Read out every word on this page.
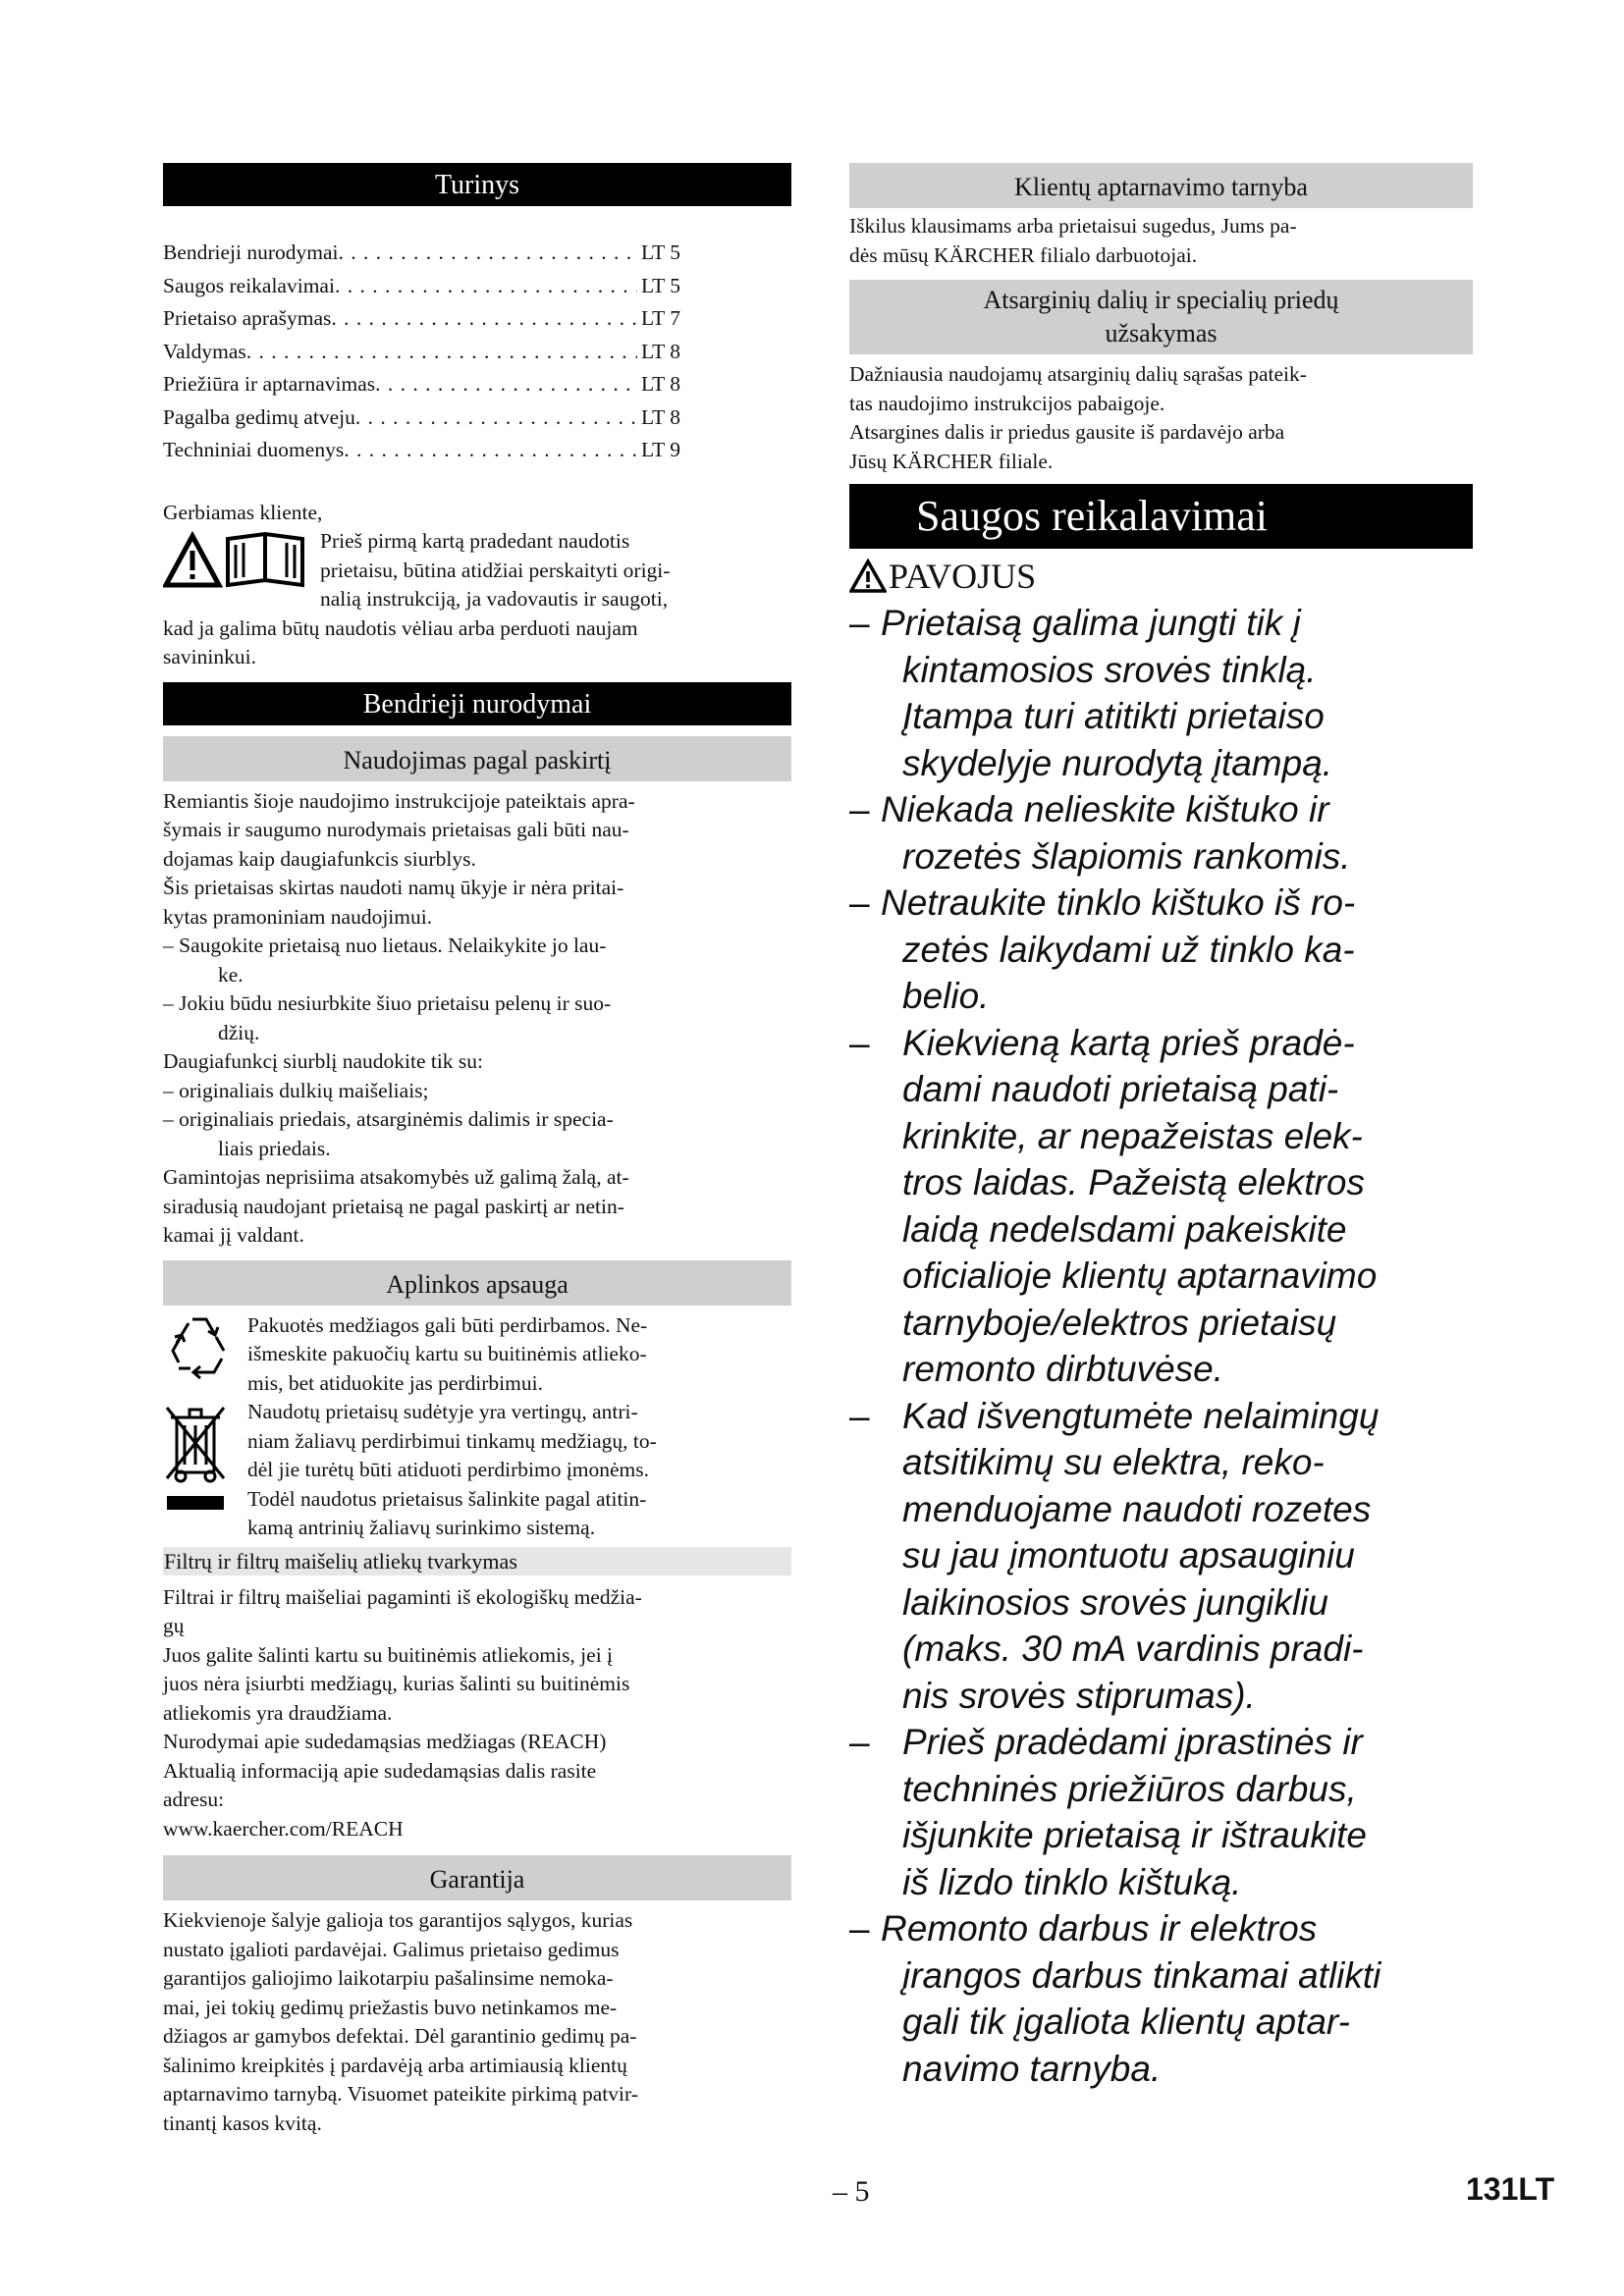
Turinys
Bendrieji nurodymai . . .	LT 5
Saugos reikalavimai . . .	LT 5
Prietaiso aprašymas . . .	LT 7
Valdymas . . .	LT 8
Priežiūra ir aptarnavimas . . .	LT 8
Pagalba gedimų atveju . . .	LT 8
Techniniai duomenys . . .	LT 9
Gerbiamas kliente,
Prieš pirmą kartą pradedant naudotis
prietaisu, būtina atidžiai perskaityti origi-
nalią instrukciją, ja vadovautis ir saugoti,
kad ja galima būtų naudotis vėliau arba perduoti naujam
savininkui.
Bendrieji nurodymai
Naudojimas pagal paskirtį
Remiantis šioje naudojimo instrukcijoje pateiktais apra-
šymais ir saugumo nurodymais prietaisas gali būti nau-
dojamas kaip daugiafunkcis siurblys.
Šis prietaisas skirtas naudoti namų ūkyje ir nėra pritai-
kytas pramoniniam naudojimui.
– Saugokite prietaisą nuo lietaus. Nelaikykite jo lau-
ke.
– Jokiu būdu nesiurbkite šiuo prietaisu pelenų ir suo-
džių.
Daugiafunkcį siurblį naudokite tik su:
– originaliais dulkių maišeliais;
– originaliais priedais, atsarginėmis dalimis ir specia-
liais priedais.
Gamintojas neprisiima atsakomybės už galimą žalą, at-
siradusią naudojant prietaisą ne pagal paskirtį ar netin-
kamai jį valdant.
Aplinkos apsauga
Pakuotės medžiagos gali būti perdirbamos. Ne-
išmeskite pakuočių kartu su buitinėmis atlieko-
mis, bet atiduokite jas perdirbimui.
Naudotų prietaisų sudėtyje yra vertingų, antri-
niam žaliavų perdirbimui tinkamų medžiagų, to-
dėl jie turėtų būti atiduoti perdirbimo įmonėms.
Todėl naudotus prietaisus šalinkite pagal atitin-
kamą antrinių žaliavų surinkimo sistemą.
Filtrų ir filtrų maišelių atliekų tvarkymas
Filtrai ir filtrų maišeliai pagaminti iš ekologiškų medžia-
gų
Juos galite šalinti kartu su buitinėmis atliekomis, jei į
juos nėra įsiurbti medžiagų, kurias šalinti su buitinėmis
atliekomis yra draudžiama.
Nurodymai apie sudedamąsias medžiagas (REACH)
Aktualią informaciją apie sudedamąsias dalis rasite
adresu:
www.kaercher.com/REACH
Garantija
Kiekvienoje šalyje galioja tos garantijos sąlygos, kurias
nustato įgalioti pardavėjai. Galimus prietaiso gedimus
garantijos galiojimo laikotarpiu pašalinsime nemoka-
mai, jei tokių gedimų priežastis buvo netinkamos me-
džiagos ar gamybos defektai. Dėl garantinio gedimų pa-
šalinimo kreipkitės į pardavėją arba artimiausią klientų
aptarnavimo tarnybą. Visuomet pateikite pirkimą patvir-
tinantį kasos kvitą.
Klientų aptarnavimo tarnyba
Iškilus klausimams arba prietaisui sugedus, Jums pa-
dės mūsų KÄRCHER filialo darbuotojai.
Atsarginių dalių ir specialių priedų
užsakymas
Dažniausia naudojamų atsarginių dalių sąrašas pateik-
tas naudojimo instrukcijos pabaigoje.
Atsargines dalis ir priedus gausite iš pardavėjo arba
Jūsų KÄRCHER filiale.
Saugos reikalavimai
PAVOJUS
– Prietaisą galima jungti tik į
kintamosios srovės tinklą.
Įtampa turi atitikti prietaiso
skydelyje nurodytą įtampą.
– Niekada nelieskite kištuko ir
rozetės šlapiomis rankomis.
– Netraukite tinklo kištuko iš ro-
zetės laikydami už tinklo ka-
belio.
– Kiekvieną kartą prieš pradė-
dami naudoti prietaisą pati-
krinkite, ar nepažeistas elek-
tros laidas. Pažeistą elektros
laidą nedelsdami pakeiskite
oficialioje klientų aptarnavimo
tarnyboje/elektros prietaisų
remonto dirbtuvėse.
– Kad išvengtumėte nelaimingų
atsitikimų su elektra, reko-
menduojame naudoti rozetes
su jau įmontuotu apsauginiu
laikinosios srovės jungikliu
(maks. 30 mA vardinis pradi-
nis srovės stiprumas).
– Prieš pradėdami įprastinės ir
techninės priežiūros darbus,
išjunkite prietaisą ir ištraukite
iš lizdo tinklo kištuką.
– Remonto darbus ir elektros
įrangos darbus tinkamai atlikti
gali tik įgaliota klientų aptar-
navimo tarnyba.
– 5	131LT
